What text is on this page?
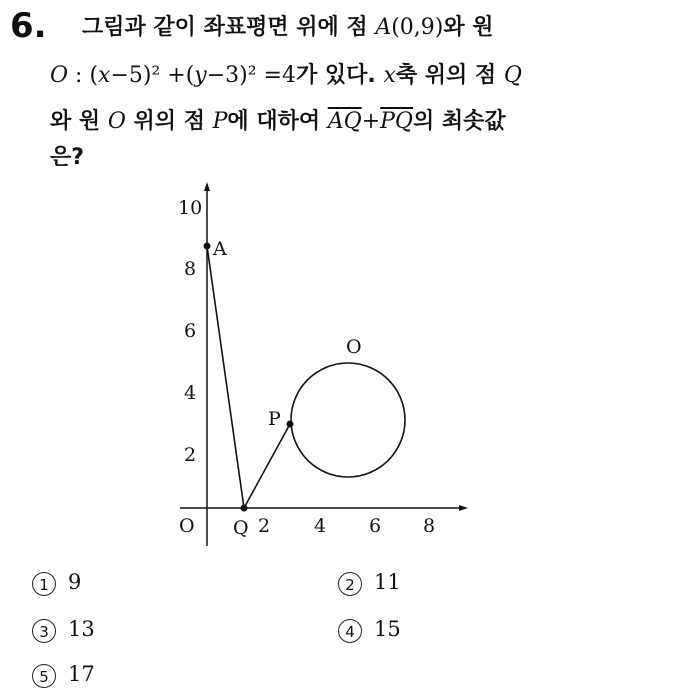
6. 그림과 같이 좌표평면 위에 점 A(0,9)와 원
O : (x−5)² +(y−3)² =4가 있다. x축 위의 점 Q
와 원 O 위의 점 P에 대하여 $\overline{AQ}+\overline{PQ}$의 최솟값
은?
A
P
Q
O
O
2
4
6
8
10
2 4 6 8
1 9	2 11
3 13	4 15
5 17
